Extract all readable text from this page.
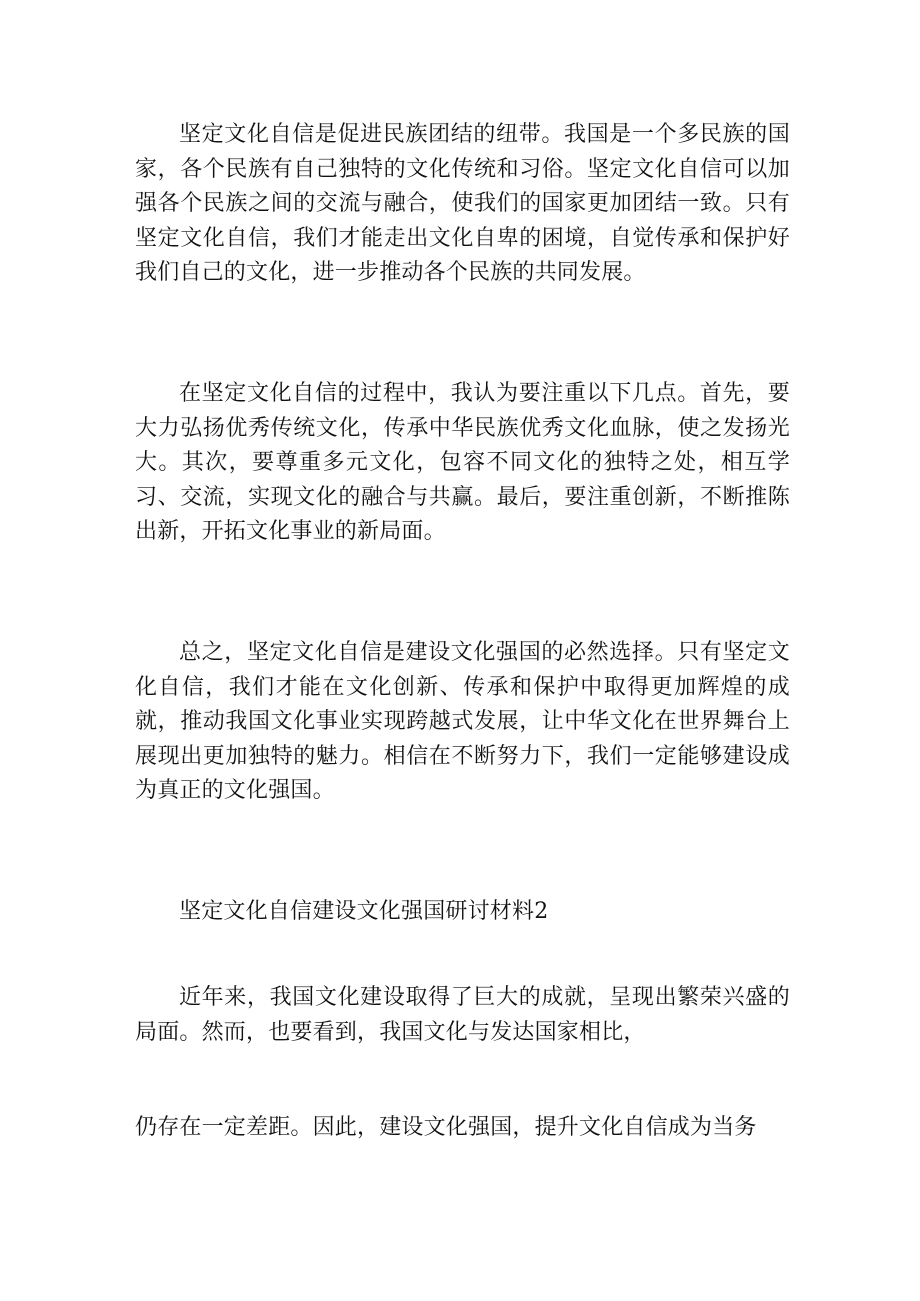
坚定文化自信是促进民族团结的纽带。我国是一个多民族的国家，各个民族有自己独特的文化传统和习俗。坚定文化自信可以加强各个民族之间的交流与融合，使我们的国家更加团结一致。只有坚定文化自信，我们才能走出文化自卑的困境，自觉传承和保护好我们自己的文化，进一步推动各个民族的共同发展。

在坚定文化自信的过程中，我认为要注重以下几点。首先，要大力弘扬优秀传统文化，传承中华民族优秀文化血脉，使之发扬光大。其次，要尊重多元文化，包容不同文化的独特之处，相互学习、交流，实现文化的融合与共赢。最后，要注重创新，不断推陈出新，开拓文化事业的新局面。

总之，坚定文化自信是建设文化强国的必然选择。只有坚定文化自信，我们才能在文化创新、传承和保护中取得更加辉煌的成就，推动我国文化事业实现跨越式发展，让中华文化在世界舞台上展现出更加独特的魅力。相信在不断努力下，我们一定能够建设成为真正的文化强国。

坚定文化自信建设文化强国研讨材料2

近年来，我国文化建设取得了巨大的成就，呈现出繁荣兴盛的局面。然而，也要看到，我国文化与发达国家相比，

仍存在一定差距。因此，建设文化强国，提升文化自信成为当务
